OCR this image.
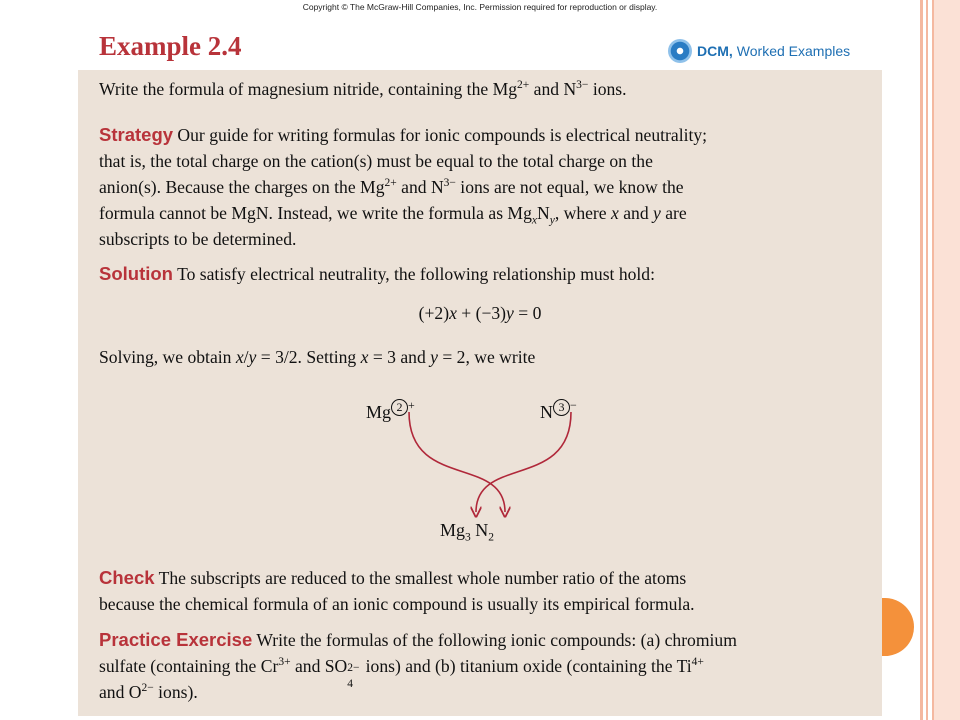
Copyright © The McGraw-Hill Companies, Inc. Permission required for reproduction or display.
Example 2.4	DCM, Worked Examples
Write the formula of magnesium nitride, containing the $Mg^{2+}$ and $N^{3-}$ ions.
Strategy Our guide for writing formulas for ionic compounds is electrical neutrality;
that is, the total charge on the cation(s) must be equal to the total charge on the
anion(s). Because the charges on the $Mg^{2+}$ and $N^{3-}$ ions are not equal, we know the
formula cannot be MgN. Instead, we write the formula as $Mg_xN_y$, where x and y are
subscripts to be determined.
Solution To satisfy electrical neutrality, the following relationship must hold:
(+2)x + (−3)y = 0
Solving, we obtain x/y = 3/2. Setting x = 3 and y = 2, we write
Mg 2 +	N 3 −
$Mg_3$ $N_2$
Check The subscripts are reduced to the smallest whole number ratio of the atoms
because the chemical formula of an ionic compound is usually its empirical formula.
Practice Exercise Write the formulas of the following ionic compounds: (a) chromium
sulfate (containing the $Cr^{3+}$ and SO 2− ions) and (b) titanium oxide (containing the $Ti^{4+}$
and $O^{2-}$ ions).
